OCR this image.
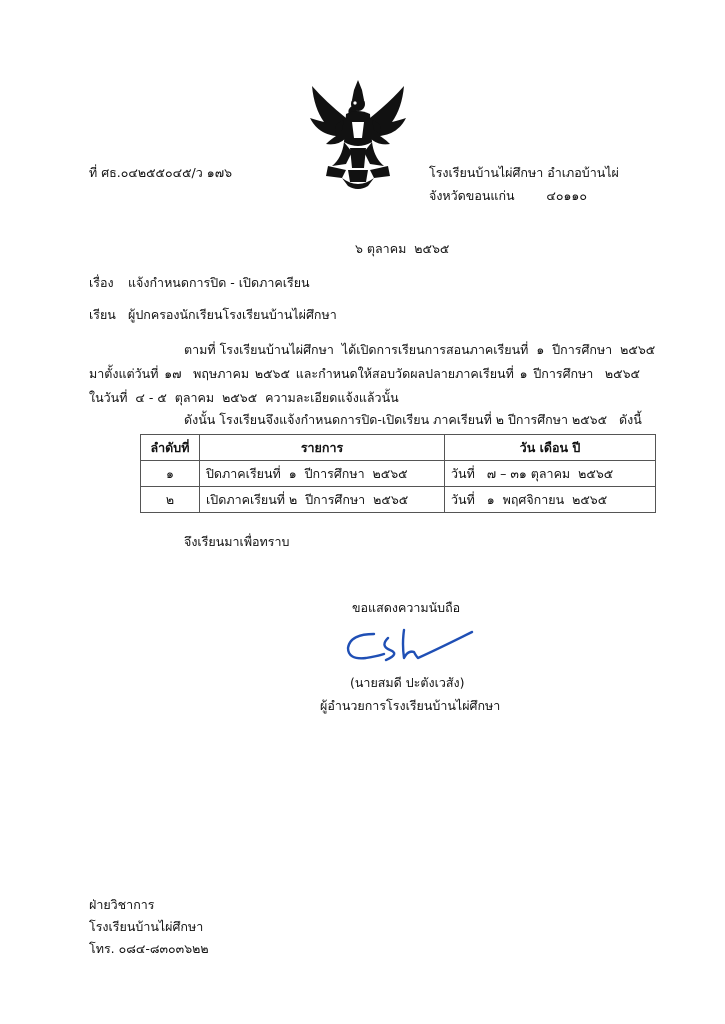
ที่ ศธ.๐๔๒๕๕๐๔๕/ว ๑๗๖	โรงเรียนบ้านไผ่ศึกษา อำเภอบ้านไผ่
จังหวัดขอนแก่น        ๔๐๑๑๐
๖ ตุลาคม  ๒๕๖๕
เรื่อง แจ้งกำหนดการปิด - เปิดภาคเรียน
เรียน ผู้ปกครองนักเรียนโรงเรียนบ้านไผ่ศึกษา
ตามที่ โรงเรียนบ้านไผ่ศึกษา  ได้เปิดการเรียนการสอนภาคเรียนที่  ๑  ปีการศึกษา  ๒๕๖๕
มาตั้งแต่วันที่ ๑๗  พฤษภาคม ๒๕๖๕ และกำหนดให้สอบวัดผลปลายภาคเรียนที่ ๑ ปีการศึกษา  ๒๕๖๕
ในวันที่  ๔ - ๕  ตุลาคม  ๒๕๖๕  ความละเอียดแจ้งแล้วนั้น
ดังนั้น โรงเรียนจึงแจ้งกำหนดการปิด-เปิดเรียน ภาคเรียนที่ ๒ ปีการศึกษา ๒๕๖๕   ดังนี้
ลำดับที่	รายการ	วัน เดือน ปี
๑	ปิดภาคเรียนที่  ๑  ปีการศึกษา  ๒๕๖๕	วันที่   ๗ – ๓๑ ตุลาคม  ๒๕๖๕
๒	เปิดภาคเรียนที่ ๒  ปีการศึกษา  ๒๕๖๕	วันที่   ๑  พฤศจิกายน  ๒๕๖๕
จึงเรียนมาเพื่อทราบ
ขอแสดงความนับถือ
(นายสมดี ปะตังเวสัง)
ผู้อำนวยการโรงเรียนบ้านไผ่ศึกษา
ฝ่ายวิชาการ
โรงเรียนบ้านไผ่ศึกษา
โทร. ๐๘๔-๘๓๐๓๖๒๒
